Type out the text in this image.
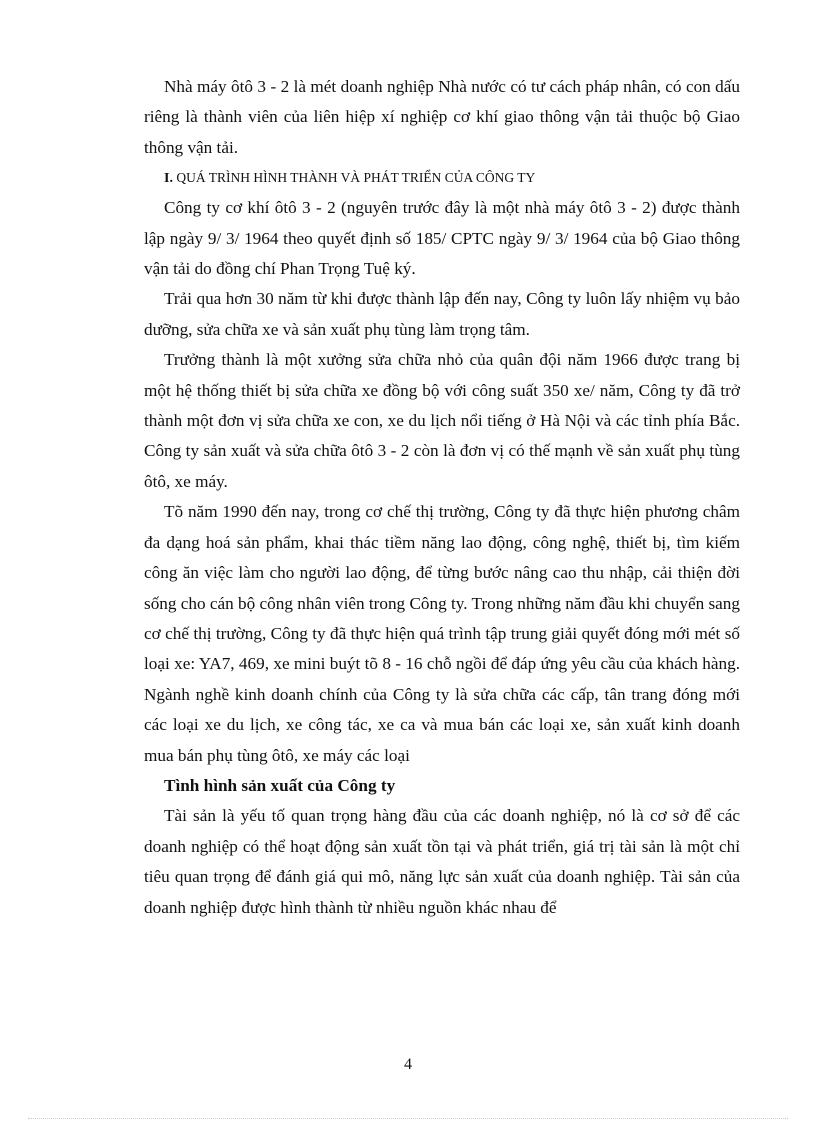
Nhà máy ôtô 3 - 2 là mét doanh nghiệp Nhà nước có tư cách pháp nhân, có con dấu riêng là thành viên của liên hiệp xí nghiệp cơ khí giao thông vận tải thuộc bộ Giao thông vận tải.

I. QUÁ TRÌNH HÌNH THÀNH VÀ PHÁT TRIỂN CỦA CÔNG TY

Công ty cơ khí ôtô 3 - 2 (nguyên trước đây là một nhà máy ôtô 3 - 2) được thành lập ngày 9/ 3/ 1964 theo quyết định số 185/ CPTC ngày 9/ 3/ 1964 của bộ Giao thông vận tải do đồng chí Phan Trọng Tuệ ký.

Trải qua hơn 30 năm từ khi được thành lập đến nay, Công ty luôn lấy nhiệm vụ bảo dưỡng, sửa chữa xe và sản xuất phụ tùng làm trọng tâm.

Trưởng thành là một xưởng sửa chữa nhỏ của quân đội năm 1966 được trang bị một hệ thống thiết bị sửa chữa xe đồng bộ với công suất 350 xe/ năm, Công ty đã trở thành một đơn vị sửa chữa xe con, xe du lịch nổi tiếng ở Hà Nội và các tỉnh phía Bắc. Công ty sản xuất và sửa chữa ôtô 3 - 2 còn là đơn vị có thế mạnh về sản xuất phụ tùng ôtô, xe máy.

Tõ năm 1990 đến nay, trong cơ chế thị trường, Công ty đã thực hiện phương châm đa dạng hoá sản phẩm, khai thác tiềm năng lao động, công nghệ, thiết bị, tìm kiếm công ăn việc làm cho người lao động, để từng bước nâng cao thu nhập, cải thiện đời sống cho cán bộ công nhân viên trong Công ty. Trong những năm đầu khi chuyển sang cơ chế thị trường, Công ty đã thực hiện quá trình tập trung giải quyết đóng mới mét số loại xe: YA7, 469, xe mini buýt tõ 8 - 16 chỗ ngồi để đáp ứng yêu cầu của khách hàng. Ngành nghề kinh doanh chính của Công ty là sửa chữa các cấp, tân trang đóng mới các loại xe du lịch, xe công tác, xe ca và mua bán các loại xe, sản xuất kinh doanh mua bán phụ tùng ôtô, xe máy các loại

Tình hình sản xuất của Công ty

Tài sản là yếu tố quan trọng hàng đầu của các doanh nghiệp, nó là cơ sở để các doanh nghiệp có thể hoạt động sản xuất tồn tại và phát triển, giá trị tài sản là một chỉ tiêu quan trọng để đánh giá qui mô, năng lực sản xuất của doanh nghiệp. Tài sản của doanh nghiệp được hình thành từ nhiều nguồn khác nhau để

4
